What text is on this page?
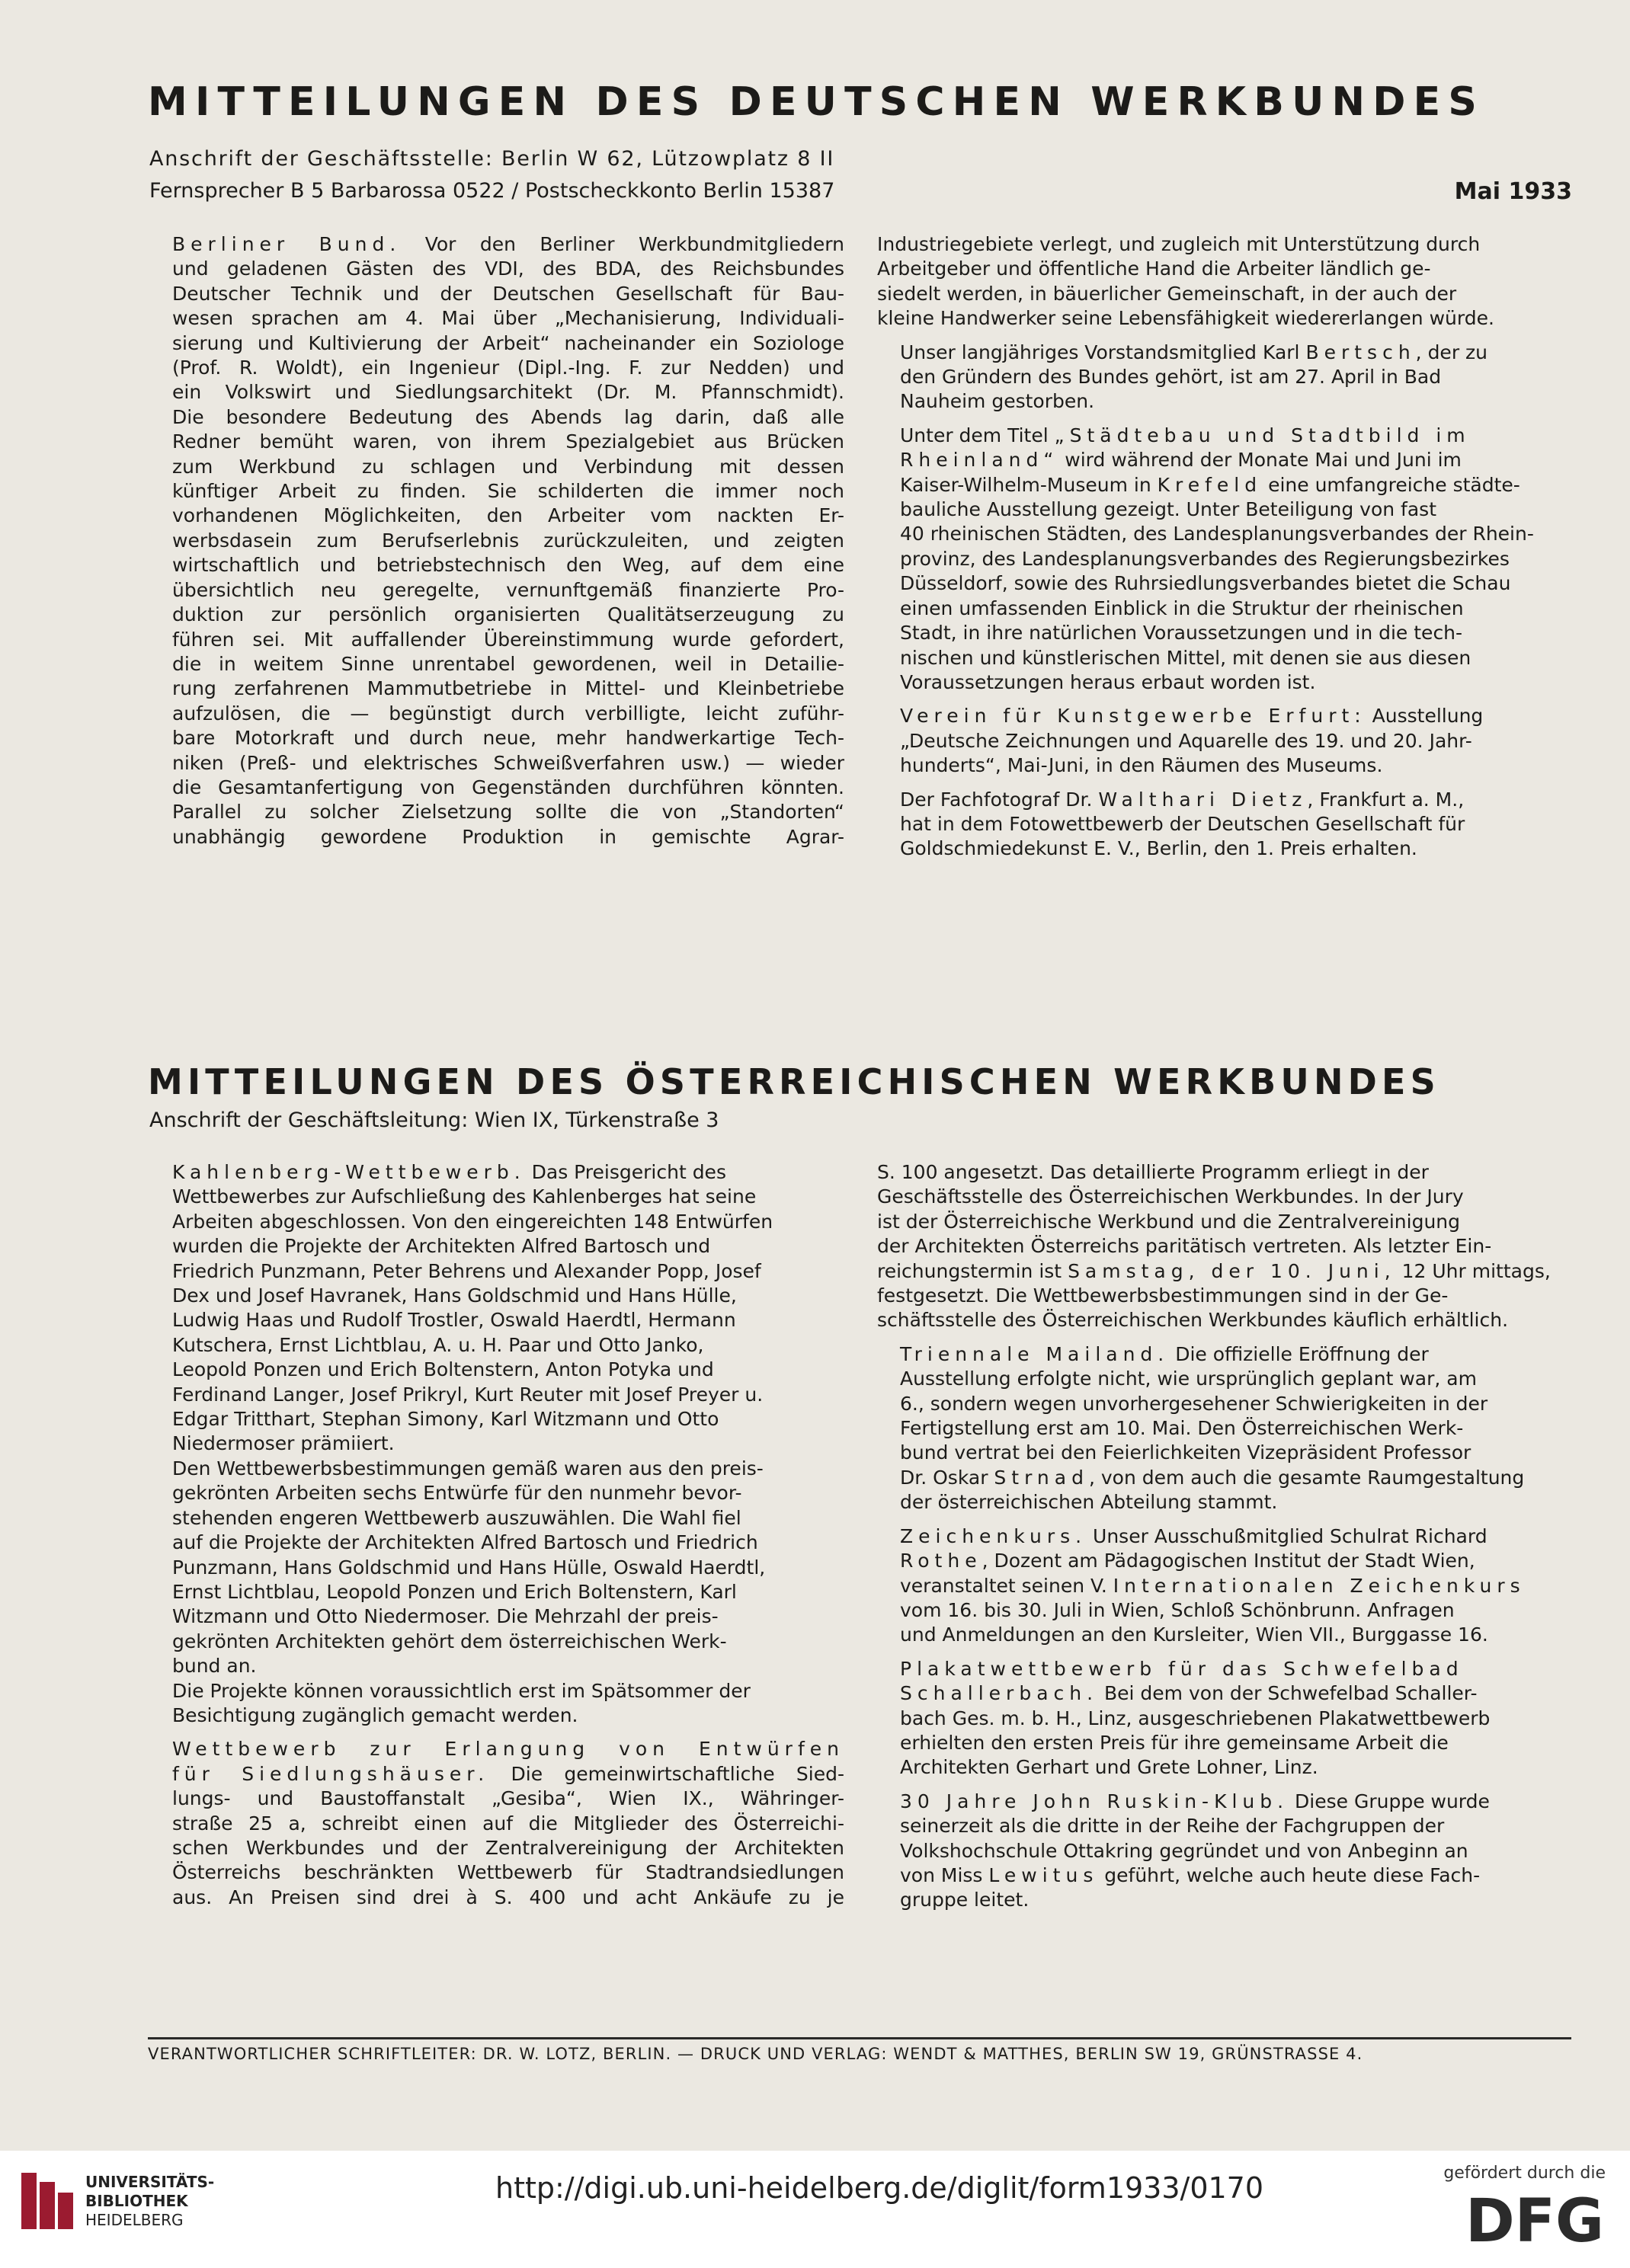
MITTEILUNGEN DES DEUTSCHEN WERKBUNDES
Anschrift der Geschäftsstelle: Berlin W 62, Lützowplatz 8 II
Fernsprecher B 5 Barbarossa 0522 / Postscheckkonto Berlin 15387	Mai 1933

Berliner Bund. Vor den Berliner Werkbundmitgliedern
und geladenen Gästen des VDI, des BDA, des Reichsbundes
Deutscher Technik und der Deutschen Gesellschaft für Bau-
wesen sprachen am 4. Mai über „Mechanisierung, Individuali-
sierung und Kultivierung der Arbeit“ nacheinander ein Soziologe
(Prof. R. Woldt), ein Ingenieur (Dipl.-Ing. F. zur Nedden) und
ein Volkswirt und Siedlungsarchitekt (Dr. M. Pfannschmidt).
Die besondere Bedeutung des Abends lag darin, daß alle
Redner bemüht waren, von ihrem Spezialgebiet aus Brücken
zum Werkbund zu schlagen und Verbindung mit dessen
künftiger Arbeit zu finden. Sie schilderten die immer noch
vorhandenen Möglichkeiten, den Arbeiter vom nackten Er-
werbsdasein zum Berufserlebnis zurückzuleiten, und zeigten
wirtschaftlich und betriebstechnisch den Weg, auf dem eine
übersichtlich neu geregelte, vernunftgemäß finanzierte Pro-
duktion zur persönlich organisierten Qualitätserzeugung zu
führen sei. Mit auffallender Übereinstimmung wurde gefordert,
die in weitem Sinne unrentabel gewordenen, weil in Detailie-
rung zerfahrenen Mammutbetriebe in Mittel- und Kleinbetriebe
aufzulösen, die — begünstigt durch verbilligte, leicht zuführ-
bare Motorkraft und durch neue, mehr handwerkartige Tech-
niken (Preß- und elektrisches Schweißverfahren usw.) — wieder
die Gesamtanfertigung von Gegenständen durchführen könnten.
Parallel zu solcher Zielsetzung sollte die von „Standorten“
unabhängig gewordene Produktion in gemischte Agrar-

Industriegebiete verlegt, und zugleich mit Unterstützung durch
Arbeitgeber und öffentliche Hand die Arbeiter ländlich ge-
siedelt werden, in bäuerlicher Gemeinschaft, in der auch der
kleine Handwerker seine Lebensfähigkeit wiedererlangen würde.

Unser langjähriges Vorstandsmitglied Karl Bertsch, der zu
den Gründern des Bundes gehört, ist am 27. April in Bad
Nauheim gestorben.

Unter dem Titel „Städtebau und Stadtbild im
Rheinland“ wird während der Monate Mai und Juni im
Kaiser-Wilhelm-Museum in Krefeld eine umfangreiche städte-
bauliche Ausstellung gezeigt. Unter Beteiligung von fast
40 rheinischen Städten, des Landesplanungsverbandes der Rhein-
provinz, des Landesplanungsverbandes des Regierungsbezirkes
Düsseldorf, sowie des Ruhrsiedlungsverbandes bietet die Schau
einen umfassenden Einblick in die Struktur der rheinischen
Stadt, in ihre natürlichen Voraussetzungen und in die tech-
nischen und künstlerischen Mittel, mit denen sie aus diesen
Voraussetzungen heraus erbaut worden ist.

Verein für Kunstgewerbe Erfurt: Ausstellung
„Deutsche Zeichnungen und Aquarelle des 19. und 20. Jahr-
hunderts“, Mai-Juni, in den Räumen des Museums.

Der Fachfotograf Dr. Walthari Dietz, Frankfurt a. M.,
hat in dem Fotowettbewerb der Deutschen Gesellschaft für
Goldschmiedekunst E. V., Berlin, den 1. Preis erhalten.

MITTEILUNGEN DES ÖSTERREICHISCHEN WERKBUNDES
Anschrift der Geschäftsleitung: Wien IX, Türkenstraße 3

Kahlenberg-Wettbewerb. Das Preisgericht des
Wettbewerbes zur Aufschließung des Kahlenberges hat seine
Arbeiten abgeschlossen. Von den eingereichten 148 Entwürfen
wurden die Projekte der Architekten Alfred Bartosch und
Friedrich Punzmann, Peter Behrens und Alexander Popp, Josef
Dex und Josef Havranek, Hans Goldschmid und Hans Hülle,
Ludwig Haas und Rudolf Trostler, Oswald Haerdtl, Hermann
Kutschera, Ernst Lichtblau, A. u. H. Paar und Otto Janko,
Leopold Ponzen und Erich Boltenstern, Anton Potyka und
Ferdinand Langer, Josef Prikryl, Kurt Reuter mit Josef Preyer u.
Edgar Tritthart, Stephan Simony, Karl Witzmann und Otto
Niedermoser prämiiert.

Den Wettbewerbsbestimmungen gemäß waren aus den preis-
gekrönten Arbeiten sechs Entwürfe für den nunmehr bevor-
stehenden engeren Wettbewerb auszuwählen. Die Wahl fiel
auf die Projekte der Architekten Alfred Bartosch und Friedrich
Punzmann, Hans Goldschmid und Hans Hülle, Oswald Haerdtl,
Ernst Lichtblau, Leopold Ponzen und Erich Boltenstern, Karl
Witzmann und Otto Niedermoser. Die Mehrzahl der preis-
gekrönten Architekten gehört dem österreichischen Werk-
bund an.

Die Projekte können voraussichtlich erst im Spätsommer der
Besichtigung zugänglich gemacht werden.

Wettbewerb zur Erlangung von Entwürfen
für Siedlungshäuser. Die gemeinwirtschaftliche Sied-
lungs- und Baustoffanstalt „Gesiba“, Wien IX., Währinger-
straße 25 a, schreibt einen auf die Mitglieder des Österreichi-
schen Werkbundes und der Zentralvereinigung der Architekten
Österreichs beschränkten Wettbewerb für Stadtrandsiedlungen
aus. An Preisen sind drei à S. 400 und acht Ankäufe zu je

S. 100 angesetzt. Das detaillierte Programm erliegt in der
Geschäftsstelle des Österreichischen Werkbundes. In der Jury
ist der Österreichische Werkbund und die Zentralvereinigung
der Architekten Österreichs paritätisch vertreten. Als letzter Ein-
reichungstermin ist Samstag, der 10. Juni, 12 Uhr mittags,
festgesetzt. Die Wettbewerbsbestimmungen sind in der Ge-
schäftsstelle des Österreichischen Werkbundes käuflich erhältlich.

Triennale Mailand. Die offizielle Eröffnung der
Ausstellung erfolgte nicht, wie ursprünglich geplant war, am
6., sondern wegen unvorhergesehener Schwierigkeiten in der
Fertigstellung erst am 10. Mai. Den Österreichischen Werk-
bund vertrat bei den Feierlichkeiten Vizepräsident Professor
Dr. Oskar Strnad, von dem auch die gesamte Raumgestaltung
der österreichischen Abteilung stammt.

Zeichenkurs. Unser Ausschußmitglied Schulrat Richard
Rothe, Dozent am Pädagogischen Institut der Stadt Wien,
veranstaltet seinen V. Internationalen Zeichenkurs
vom 16. bis 30. Juli in Wien, Schloß Schönbrunn. Anfragen
und Anmeldungen an den Kursleiter, Wien VII., Burggasse 16.

Plakatwettbewerb für das Schwefelbad
Schallerbach. Bei dem von der Schwefelbad Schaller-
bach Ges. m. b. H., Linz, ausgeschriebenen Plakatwettbewerb
erhielten den ersten Preis für ihre gemeinsame Arbeit die
Architekten Gerhart und Grete Lohner, Linz.

30 Jahre John Ruskin-Klub. Diese Gruppe wurde
seinerzeit als die dritte in der Reihe der Fachgruppen der
Volkshochschule Ottakring gegründet und von Anbeginn an
von Miss Lewitus geführt, welche auch heute diese Fach-
gruppe leitet.

VERANTWORTLICHER SCHRIFTLEITER: DR. W. LOTZ, BERLIN. — DRUCK UND VERLAG: WENDT & MATTHES, BERLIN SW 19, GRÜNSTRASSE 4.
UNIVERSITÄTS-
BIBLIOTHEK
HEIDELBERG
http://digi.ub.uni-heidelberg.de/diglit/form1933/0170	gefördert durch die
DFG
